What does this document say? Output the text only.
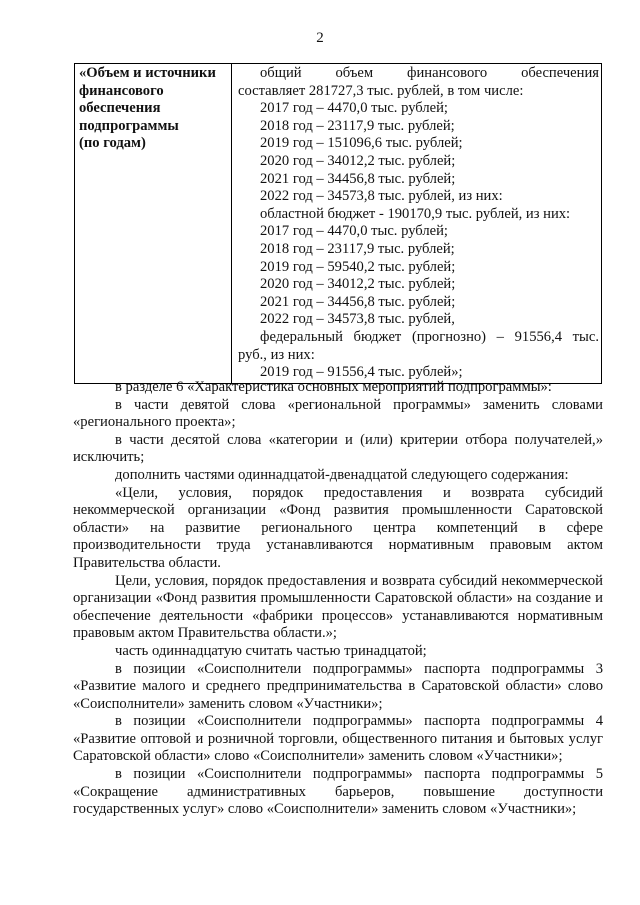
2
«Объем и источники
финансового
обеспечения
подпрограммы
(по годам)

общий объем финансового обеспечения
составляет 281727,3 тыс. рублей, в том числе:
2017 год – 4470,0 тыс. рублей;
2018 год – 23117,9 тыс. рублей;
2019 год – 151096,6 тыс. рублей;
2020 год – 34012,2 тыс. рублей;
2021 год – 34456,8 тыс. рублей;
2022 год – 34573,8 тыс. рублей, из них:
областной бюджет - 190170,9 тыс. рублей, из них:
2017 год – 4470,0 тыс. рублей;
2018 год – 23117,9 тыс. рублей;
2019 год – 59540,2 тыс. рублей;
2020 год – 34012,2 тыс. рублей;
2021 год – 34456,8 тыс. рублей;
2022 год – 34573,8 тыс. рублей,
федеральный бюджет (прогнозно) – 91556,4 тыс.
руб., из них:
2019 год – 91556,4 тыс. рублей»;

в разделе 6 «Характеристика основных мероприятий подпрограммы»:

в части девятой слова «региональной программы» заменить словами «регионального проекта»;

в части десятой слова «категории и (или) критерии отбора получателей,» исключить;

дополнить частями одиннадцатой-двенадцатой следующего содержания:

«Цели, условия, порядок предоставления и возврата субсидий некоммерческой организации «Фонд развития промышленности Саратовской области» на развитие регионального центра компетенций в сфере производительности труда устанавливаются нормативным правовым актом Правительства области.

Цели, условия, порядок предоставления и возврата субсидий некоммерческой организации «Фонд развития промышленности Саратовской области» на создание и обеспечение деятельности «фабрики процессов» устанавливаются нормативным правовым актом Правительства области.»;

часть одиннадцатую считать частью тринадцатой;

в позиции «Соисполнители подпрограммы» паспорта подпрограммы 3 «Развитие малого и среднего предпринимательства в Саратовской области» слово «Соисполнители» заменить словом «Участники»;

в позиции «Соисполнители подпрограммы» паспорта подпрограммы 4 «Развитие оптовой и розничной торговли, общественного питания и бытовых услуг Саратовской области» слово «Соисполнители» заменить словом «Участники»;

в позиции «Соисполнители подпрограммы» паспорта подпрограммы 5 «Сокращение административных барьеров, повышение доступности государственных услуг» слово «Соисполнители» заменить словом «Участники»;
